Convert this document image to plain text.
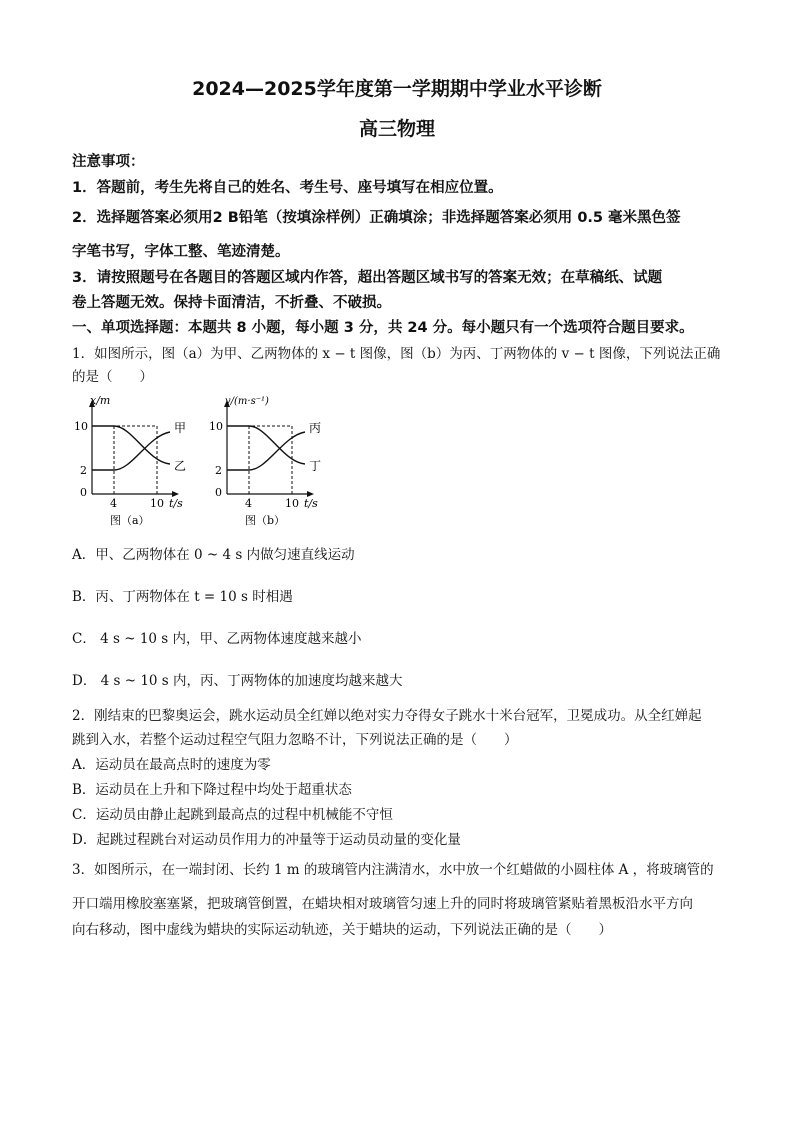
2024—2025学年度第一学期期中学业水平诊断
高三物理
注意事项：
1．答题前，考生先将自己的姓名、考生号、座号填写在相应位置。
2．选择题答案必须用2 B铅笔（按填涂样例）正确填涂；非选择题答案必须用 0.5 毫米黑色签
字笔书写，字体工整、笔迹清楚。
3．请按照题号在各题目的答题区域内作答，超出答题区域书写的答案无效；在草稿纸、试题
卷上答题无效。保持卡面清洁，不折叠、不破损。
一、单项选择题：本题共 8 小题，每小题 3 分，共 24 分。每小题只有一个选项符合题目要求。
1．如图所示，图（a）为甲、乙两物体的 x − t 图像，图（b）为丙、丁两物体的 v − t 图像，下列说法正确
的是（　　）
x/m
10
2
0
4	10 t/s
甲
乙
图（a）
v/(m·s⁻¹)
10
2
0
4	10 t/s
丙
丁
图（b）
A．甲、乙两物体在 0 ~ 4 s 内做匀速直线运动
B．丙、丁两物体在 t = 10 s 时相遇
C． 4 s ~ 10 s 内，甲、乙两物体速度越来越小
D． 4 s ~ 10 s 内，丙、丁两物体的加速度均越来越大
2．刚结束的巴黎奥运会，跳水运动员全红婵以绝对实力夺得女子跳水十米台冠军，卫冕成功。从全红婵起
跳到入水，若整个运动过程空气阻力忽略不计，下列说法正确的是（　　）
A．运动员在最高点时的速度为零
B．运动员在上升和下降过程中均处于超重状态
C．运动员由静止起跳到最高点的过程中机械能不守恒
D．起跳过程跳台对运动员作用力的冲量等于运动员动量的变化量
3．如图所示，在一端封闭、长约 1 m 的玻璃管内注满清水，水中放一个红蜡做的小圆柱体 A ，将玻璃管的
开口端用橡胶塞塞紧，把玻璃管倒置，在蜡块相对玻璃管匀速上升的同时将玻璃管紧贴着黑板沿水平方向
向右移动，图中虚线为蜡块的实际运动轨迹，关于蜡块的运动，下列说法正确的是（　　）
